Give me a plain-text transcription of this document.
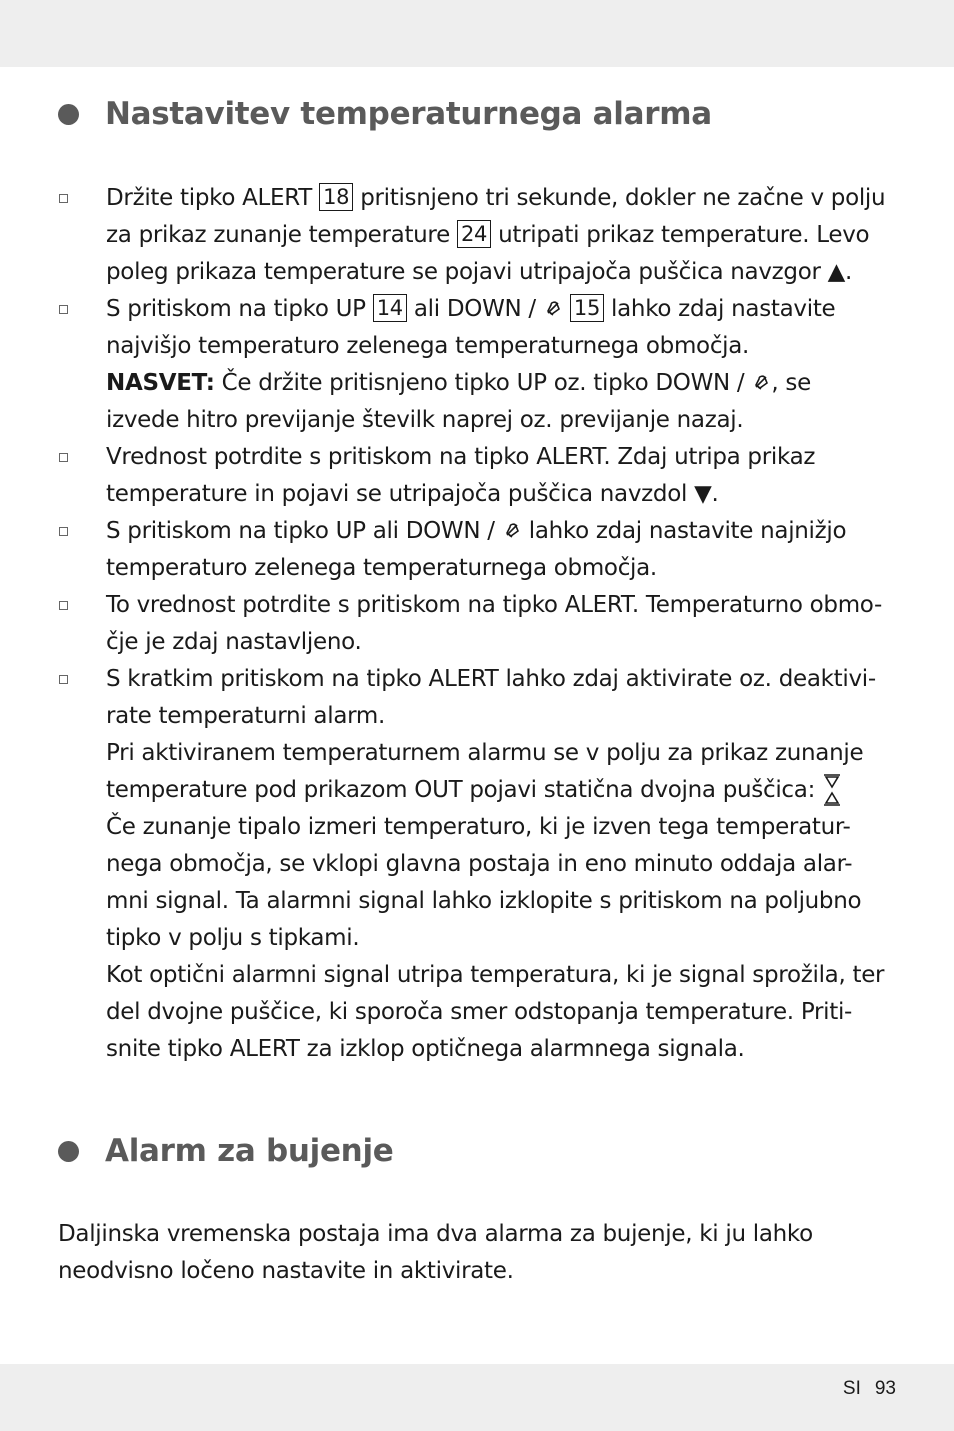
Nastavitev temperaturnega alarma
Držite tipko ALERT 18 pritisnjeno tri sekunde, dokler ne začne v polju
za prikaz zunanje temperature 24 utripati prikaz temperature. Levo
poleg prikaza temperature se pojavi utripajoča puščica navzgor ▲.
S pritiskom na tipko UP 14 ali DOWN /  15 lahko zdaj nastavite
najvišjo temperaturo zelenega temperaturnega območja.
NASVET: Če držite pritisnjeno tipko UP oz. tipko DOWN / , se
izvede hitro previjanje številk naprej oz. previjanje nazaj.
Vrednost potrdite s pritiskom na tipko ALERT. Zdaj utripa prikaz
temperature in pojavi se utripajoča puščica navzdol ▼.
S pritiskom na tipko UP ali DOWN /  lahko zdaj nastavite najnižjo
temperaturo zelenega temperaturnega območja.
To vrednost potrdite s pritiskom na tipko ALERT. Temperaturno obmo-
čje je zdaj nastavljeno.
S kratkim pritiskom na tipko ALERT lahko zdaj aktivirate oz. deaktivi-
rate temperaturni alarm.
Pri aktiviranem temperaturnem alarmu se v polju za prikaz zunanje
temperature pod prikazom OUT pojavi statična dvojna puščica:
Če zunanje tipalo izmeri temperaturo, ki je izven tega temperatur-
nega območja, se vklopi glavna postaja in eno minuto oddaja alar-
mni signal. Ta alarmni signal lahko izklopite s pritiskom na poljubno
tipko v polju s tipkami.
Kot optični alarmni signal utripa temperatura, ki je signal sprožila, ter
del dvojne puščice, ki sporoča smer odstopanja temperature. Priti-
snite tipko ALERT za izklop optičnega alarmnega signala.
Alarm za bujenje
Daljinska vremenska postaja ima dva alarma za bujenje, ki ju lahko
neodvisno ločeno nastavite in aktivirate.
SI 93
